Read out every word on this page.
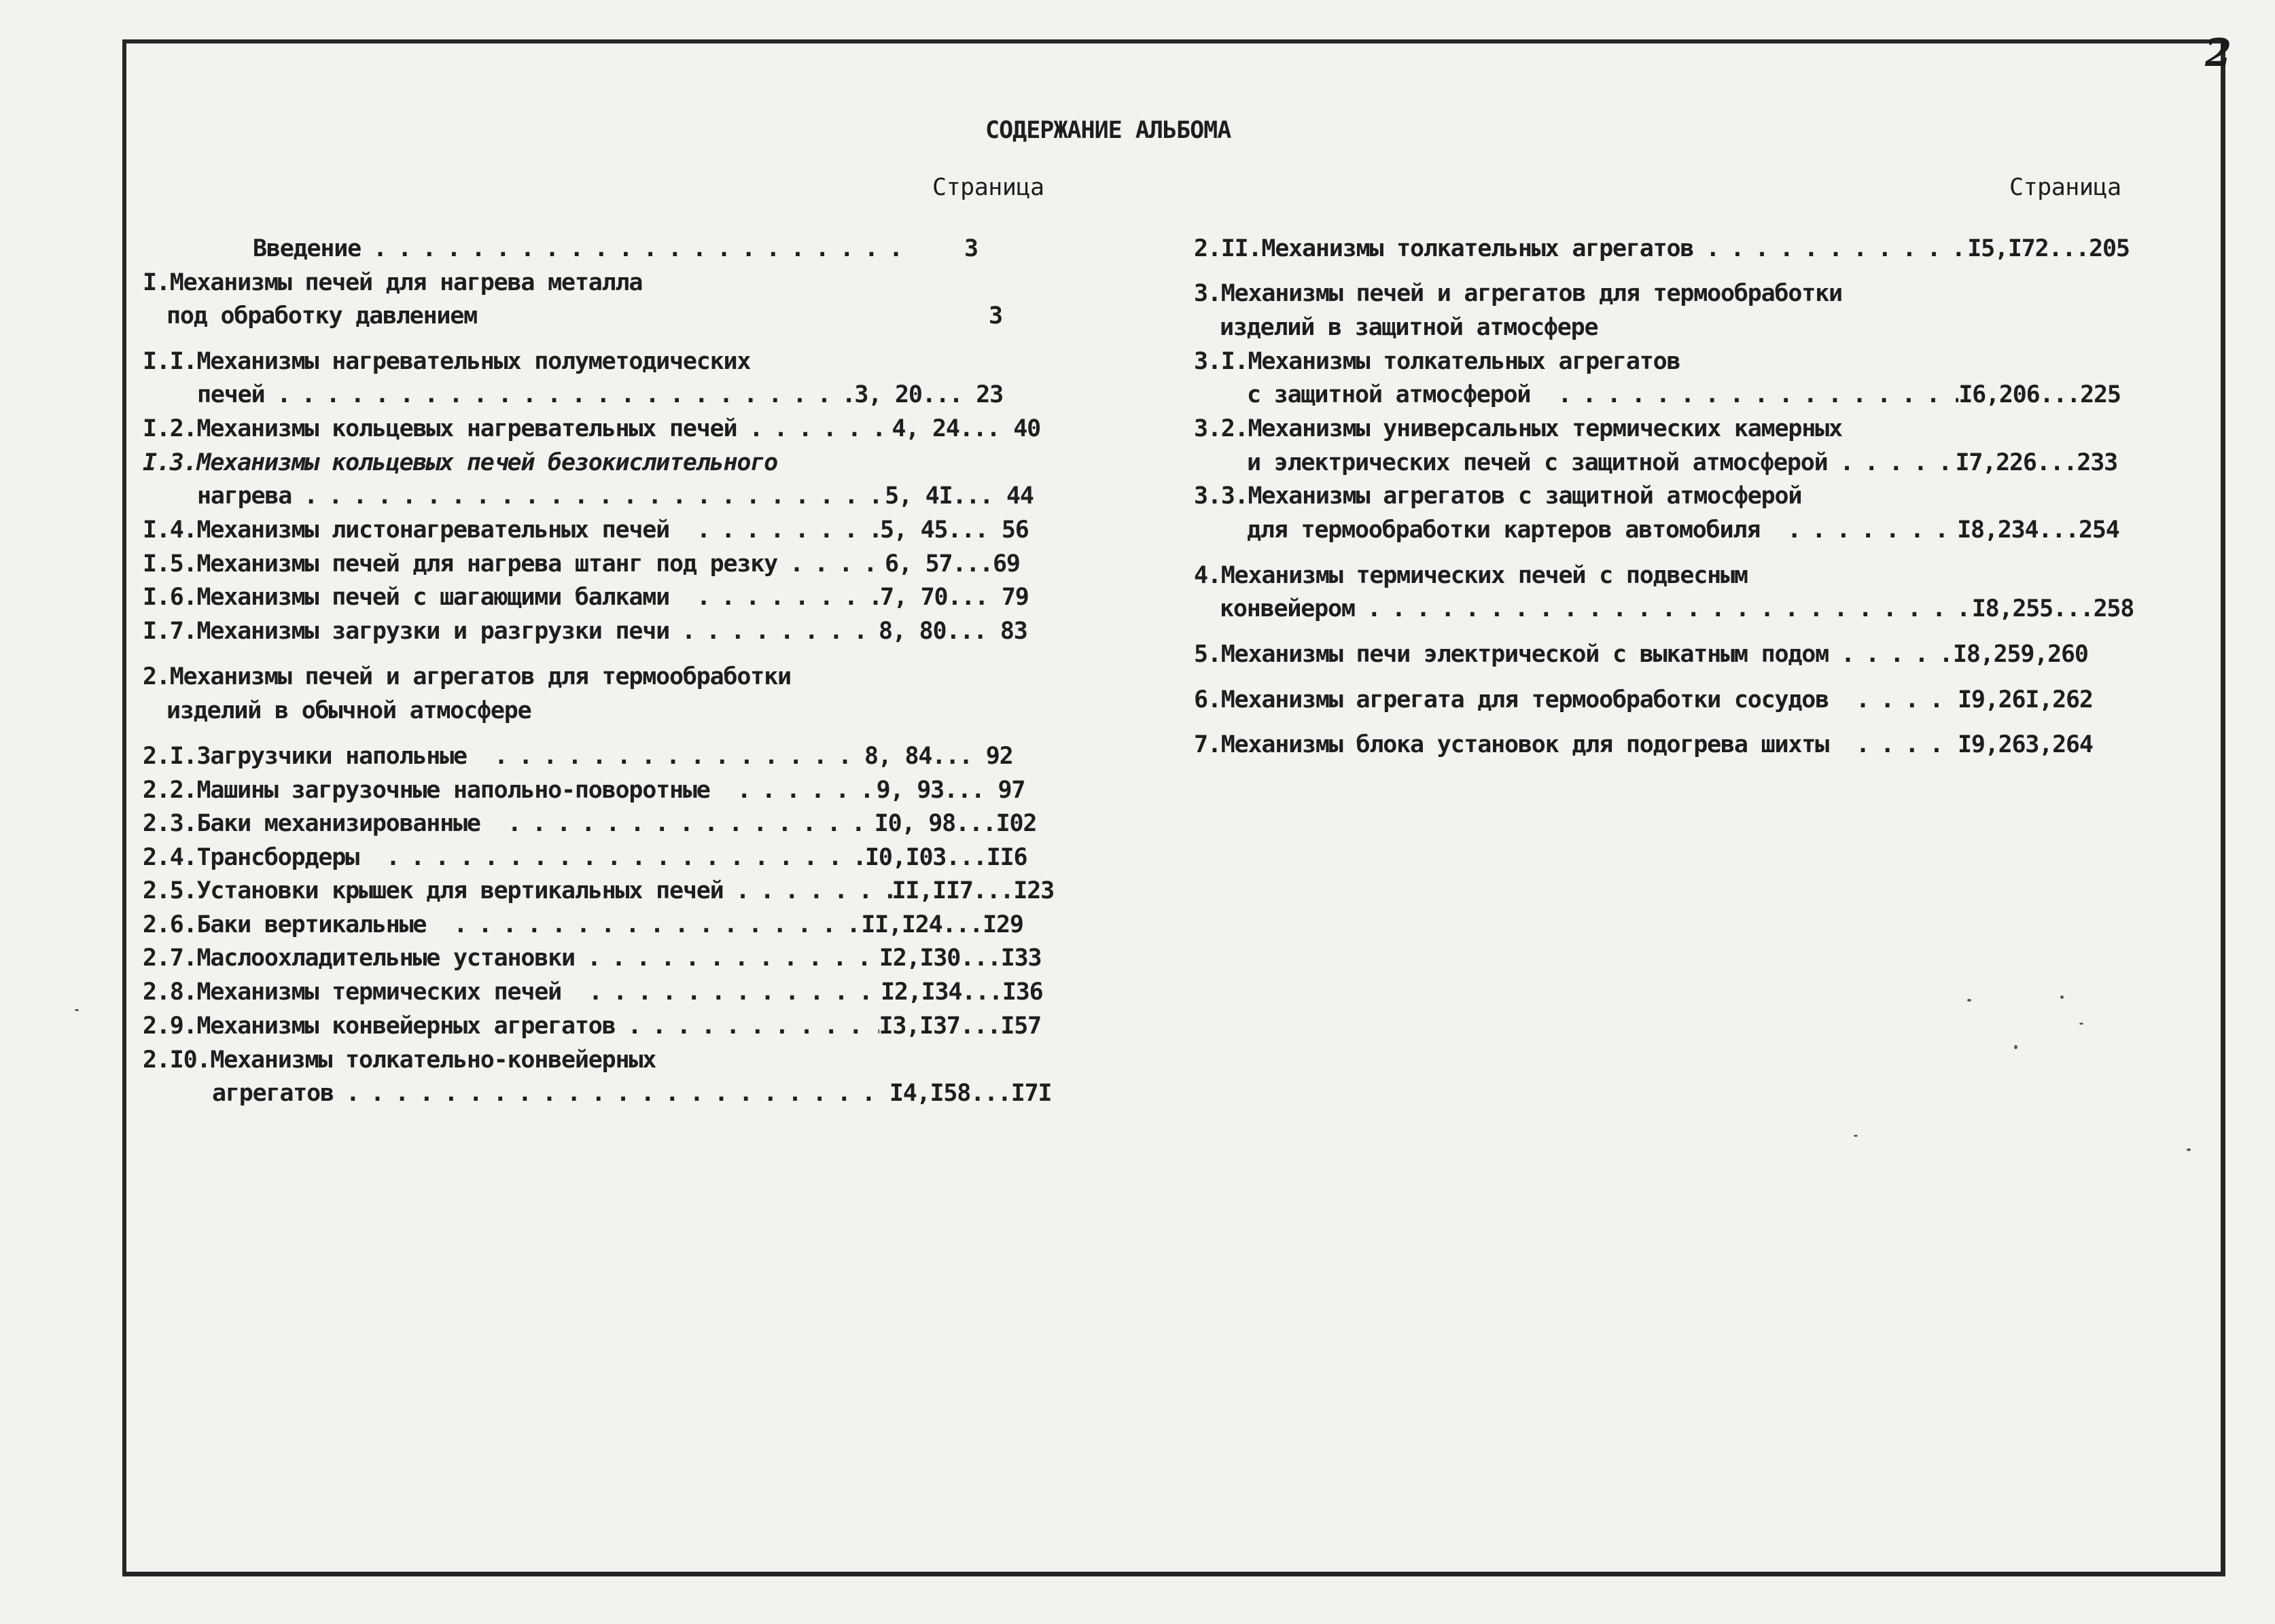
2
СОДЕРЖАНИЕ АЛЬБОМА
Страница	Страница
Введение . . .	3
I.Механизмы печей для нагрева металла
под обработку давлением	3
I.I.Механизмы нагревательных полуметодических
печей . . .	3, 20... 23
I.2.Механизмы кольцевых нагревательных печей . . .	4, 24... 40
I.3.Механизмы кольцевых печей безокислительного
нагрева . . .	5, 4I... 44
I.4.Механизмы листонагревательных печей . . .	5, 45... 56
I.5.Механизмы печей для нагрева штанг под резку . . .	6, 57...69
I.6.Механизмы печей с шагающими балками . . .	7, 70... 79
I.7.Механизмы загрузки и разгрузки печи . . .	8, 80... 83
2.Механизмы печей и агрегатов для термообработки
изделий в обычной атмосфере
2.I.Загрузчики напольные . . .	8, 84... 92
2.2.Машины загрузочные напольно-поворотные . . .	9, 93... 97
2.3.Баки механизированные . . .	I0, 98...I02
2.4.Трансбордеры . . .	I0,I03...II6
2.5.Установки крышек для вертикальных печей . . .	II,II7...I23
2.6.Баки вертикальные . . .	II,I24...I29
2.7.Маслоохладительные установки . . .	I2,I30...I33
2.8.Механизмы термических печей . . .	I2,I34...I36
2.9.Механизмы конвейерных агрегатов . . .	I3,I37...I57
2.I0.Механизмы толкательно-конвейерных
агрегатов . . .	I4,I58...I7I
2.II.Механизмы толкательных агрегатов . . .	I5,I72...205
3.Механизмы печей и агрегатов для термообработки
изделий в защитной атмосфере
3.I.Механизмы толкательных агрегатов
с защитной атмосферой . . .	I6,206...225
3.2.Механизмы универсальных термических камерных
и электрических печей с защитной атмосферой . . .	I7,226...233
3.3.Механизмы агрегатов с защитной атмосферой
для термообработки картеров автомобиля . . .	I8,234...254
4.Механизмы термических печей с подвесным
конвейером . . .	I8,255...258
5.Механизмы печи электрической с выкатным подом . . .	I8,259,260
6.Механизмы агрегата для термообработки сосудов . . .	I9,26I,262
7.Механизмы блока установок для подогрева шихты . . .	I9,263,264
